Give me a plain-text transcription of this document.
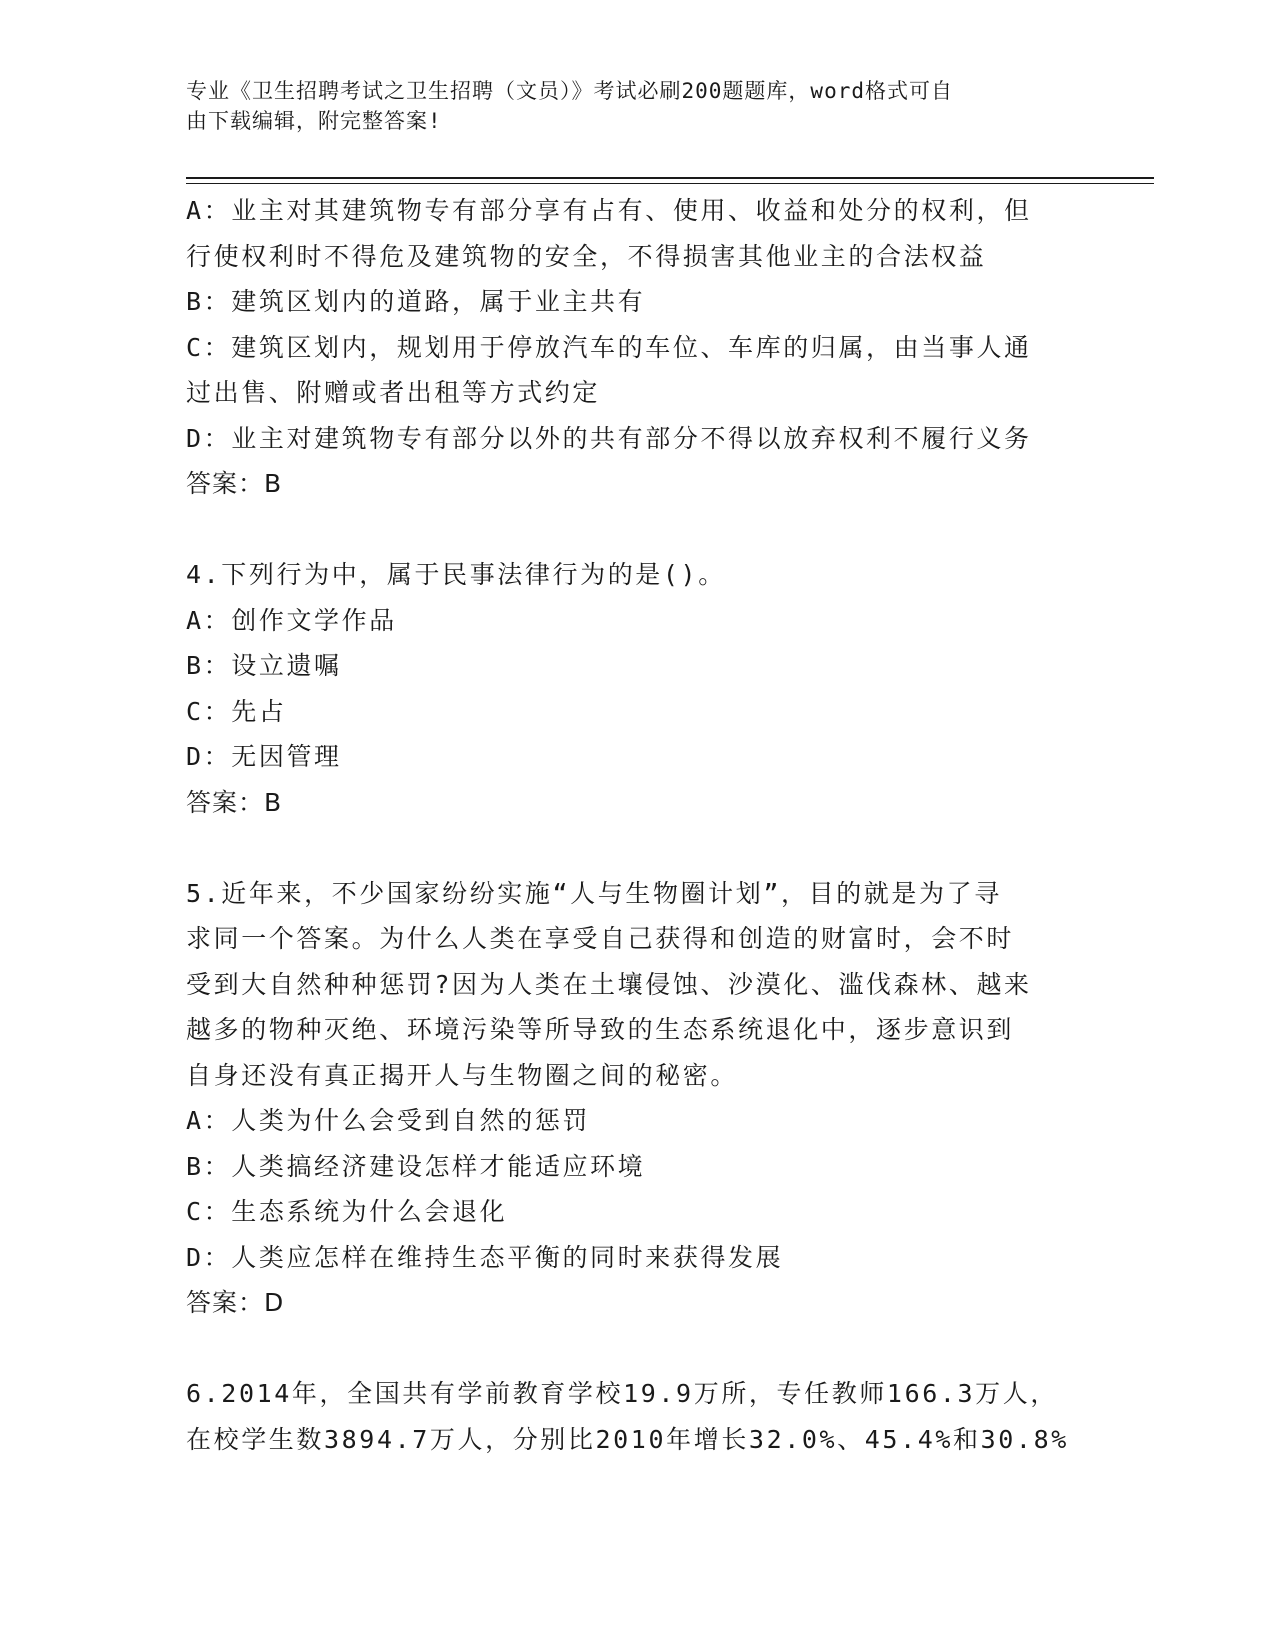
专业《卫生招聘考试之卫生招聘（文员）》考试必刷200题题库，word格式可自
由下载编辑，附完整答案!
A：业主对其建筑物专有部分享有占有、使用、收益和处分的权利，但
行使权利时不得危及建筑物的安全，不得损害其他业主的合法权益
B：建筑区划内的道路，属于业主共有
C：建筑区划内，规划用于停放汽车的车位、车库的归属，由当事人通
过出售、附赠或者出租等方式约定
D：业主对建筑物专有部分以外的共有部分不得以放弃权利不履行义务
答案：B
4.下列行为中，属于民事法律行为的是()。
A：创作文学作品
B：设立遗嘱
C：先占
D：无因管理
答案：B
5.近年来，不少国家纷纷实施“人与生物圈计划”，目的就是为了寻
求同一个答案。为什么人类在享受自己获得和创造的财富时，会不时
受到大自然种种惩罚?因为人类在土壤侵蚀、沙漠化、滥伐森林、越来
越多的物种灭绝、环境污染等所导致的生态系统退化中，逐步意识到
自身还没有真正揭开人与生物圈之间的秘密。
A：人类为什么会受到自然的惩罚
B：人类搞经济建设怎样才能适应环境
C：生态系统为什么会退化
D：人类应怎样在维持生态平衡的同时来获得发展
答案：D
6.2014年，全国共有学前教育学校19.9万所，专任教师166.3万人，
在校学生数3894.7万人，分别比2010年增长32.0%、45.4%和30.8%
